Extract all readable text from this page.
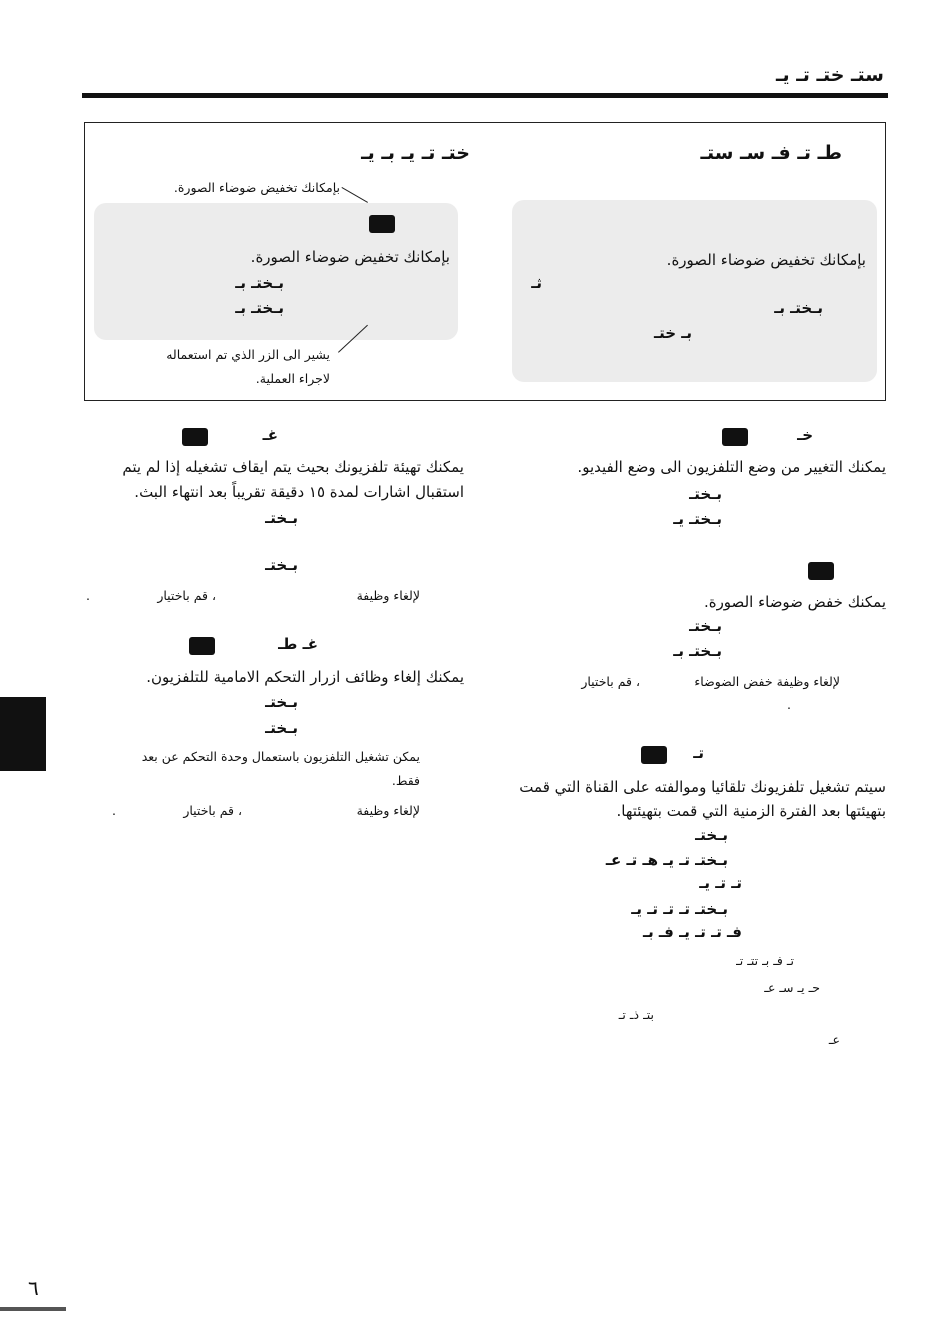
ستـ ختـ تـ يـ
طـ تـ فـ سـ ستـ
ختـ تـ يـ بـ يـ
بإمكانك تخفيض ضوضاء الصورة.
بإمكانك تخفيض ضوضاء الصورة.
ثـ
بـختـ بـ
بـ ختـ
بإمكانك تخفيض ضوضاء الصورة.
بـختـ بـ
بـختـ بـ
يشير الى الزر الذي تم استعماله
لاجراء العملية.
خـ
يمكنك التغيير من وضع التلفزيون الى وضع الفيديو.
بـختـ
بـختـ يـ
يمكنك خفض ضوضاء الصورة.
بـختـ
بـختـ بـ
لإلغاء وظيفة خفض الضوضاء
، قم باختيار
.
تـ
سيتم تشغيل تلفزيونك تلقائيا وموالفته على القناة التي قمت
بتهيئتها بعد الفترة الزمنية التي قمت بتهيئتها.
بـختـ
بـختـ تـ يـ هـ تـ عـ
تـ تـ يـ
بـختـ تـ تـ تـ يـ
فـ تـ تـ يـ فـ بـ
تـ فـ بـ تتـ تـ
حـ يـ سـ عـ
بتـ ذـ تـ
عـ
غـ
يمكنك تهيئة تلفزيونك بحيث يتم ايقاف تشغيله إذا لم يتم
استقبال اشارات لمدة ١٥ دقيقة تقريباً بعد انتهاء البث.
بـختـ
بـختـ
لإلغاء وظيفة
، قم باختيار
.
غـ طـ
يمكنك إلغاء وظائف ازرار التحكم الامامية للتلفزيون.
بـختـ
بـختـ
يمكن تشغيل التلفزيون باستعمال وحدة التحكم عن بعد
فقط.
لإلغاء وظيفة
، قم باختيار
.
٦
